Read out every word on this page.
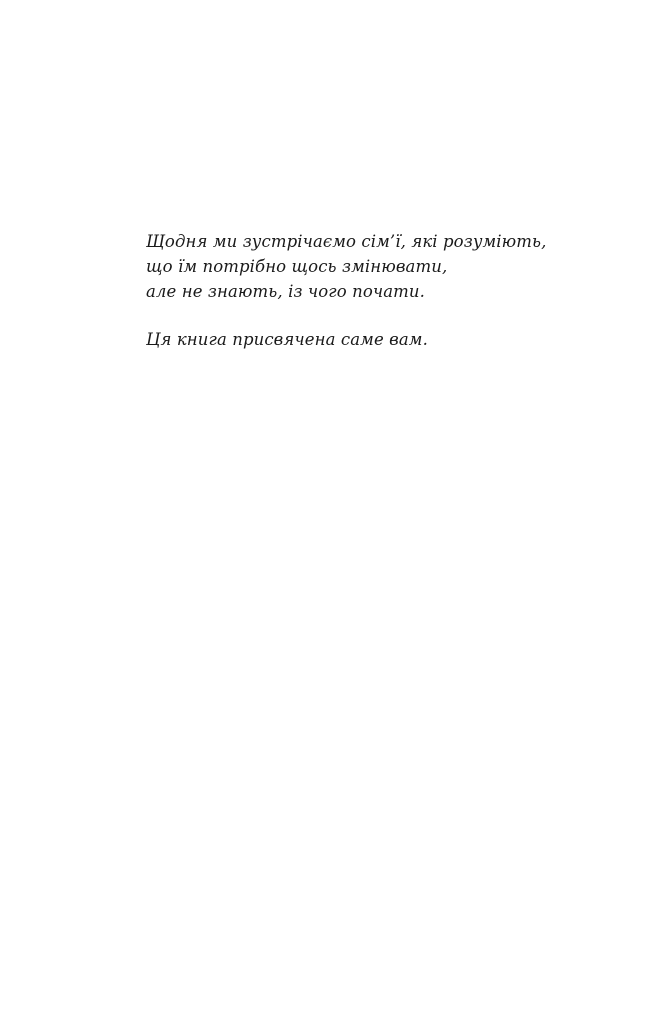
Щодня ми зустрічаємо сім’ї, які розуміють,
що їм потрібно щось змінювати,
але не знають, із чого почати.

Ця книга присвячена саме вам.
